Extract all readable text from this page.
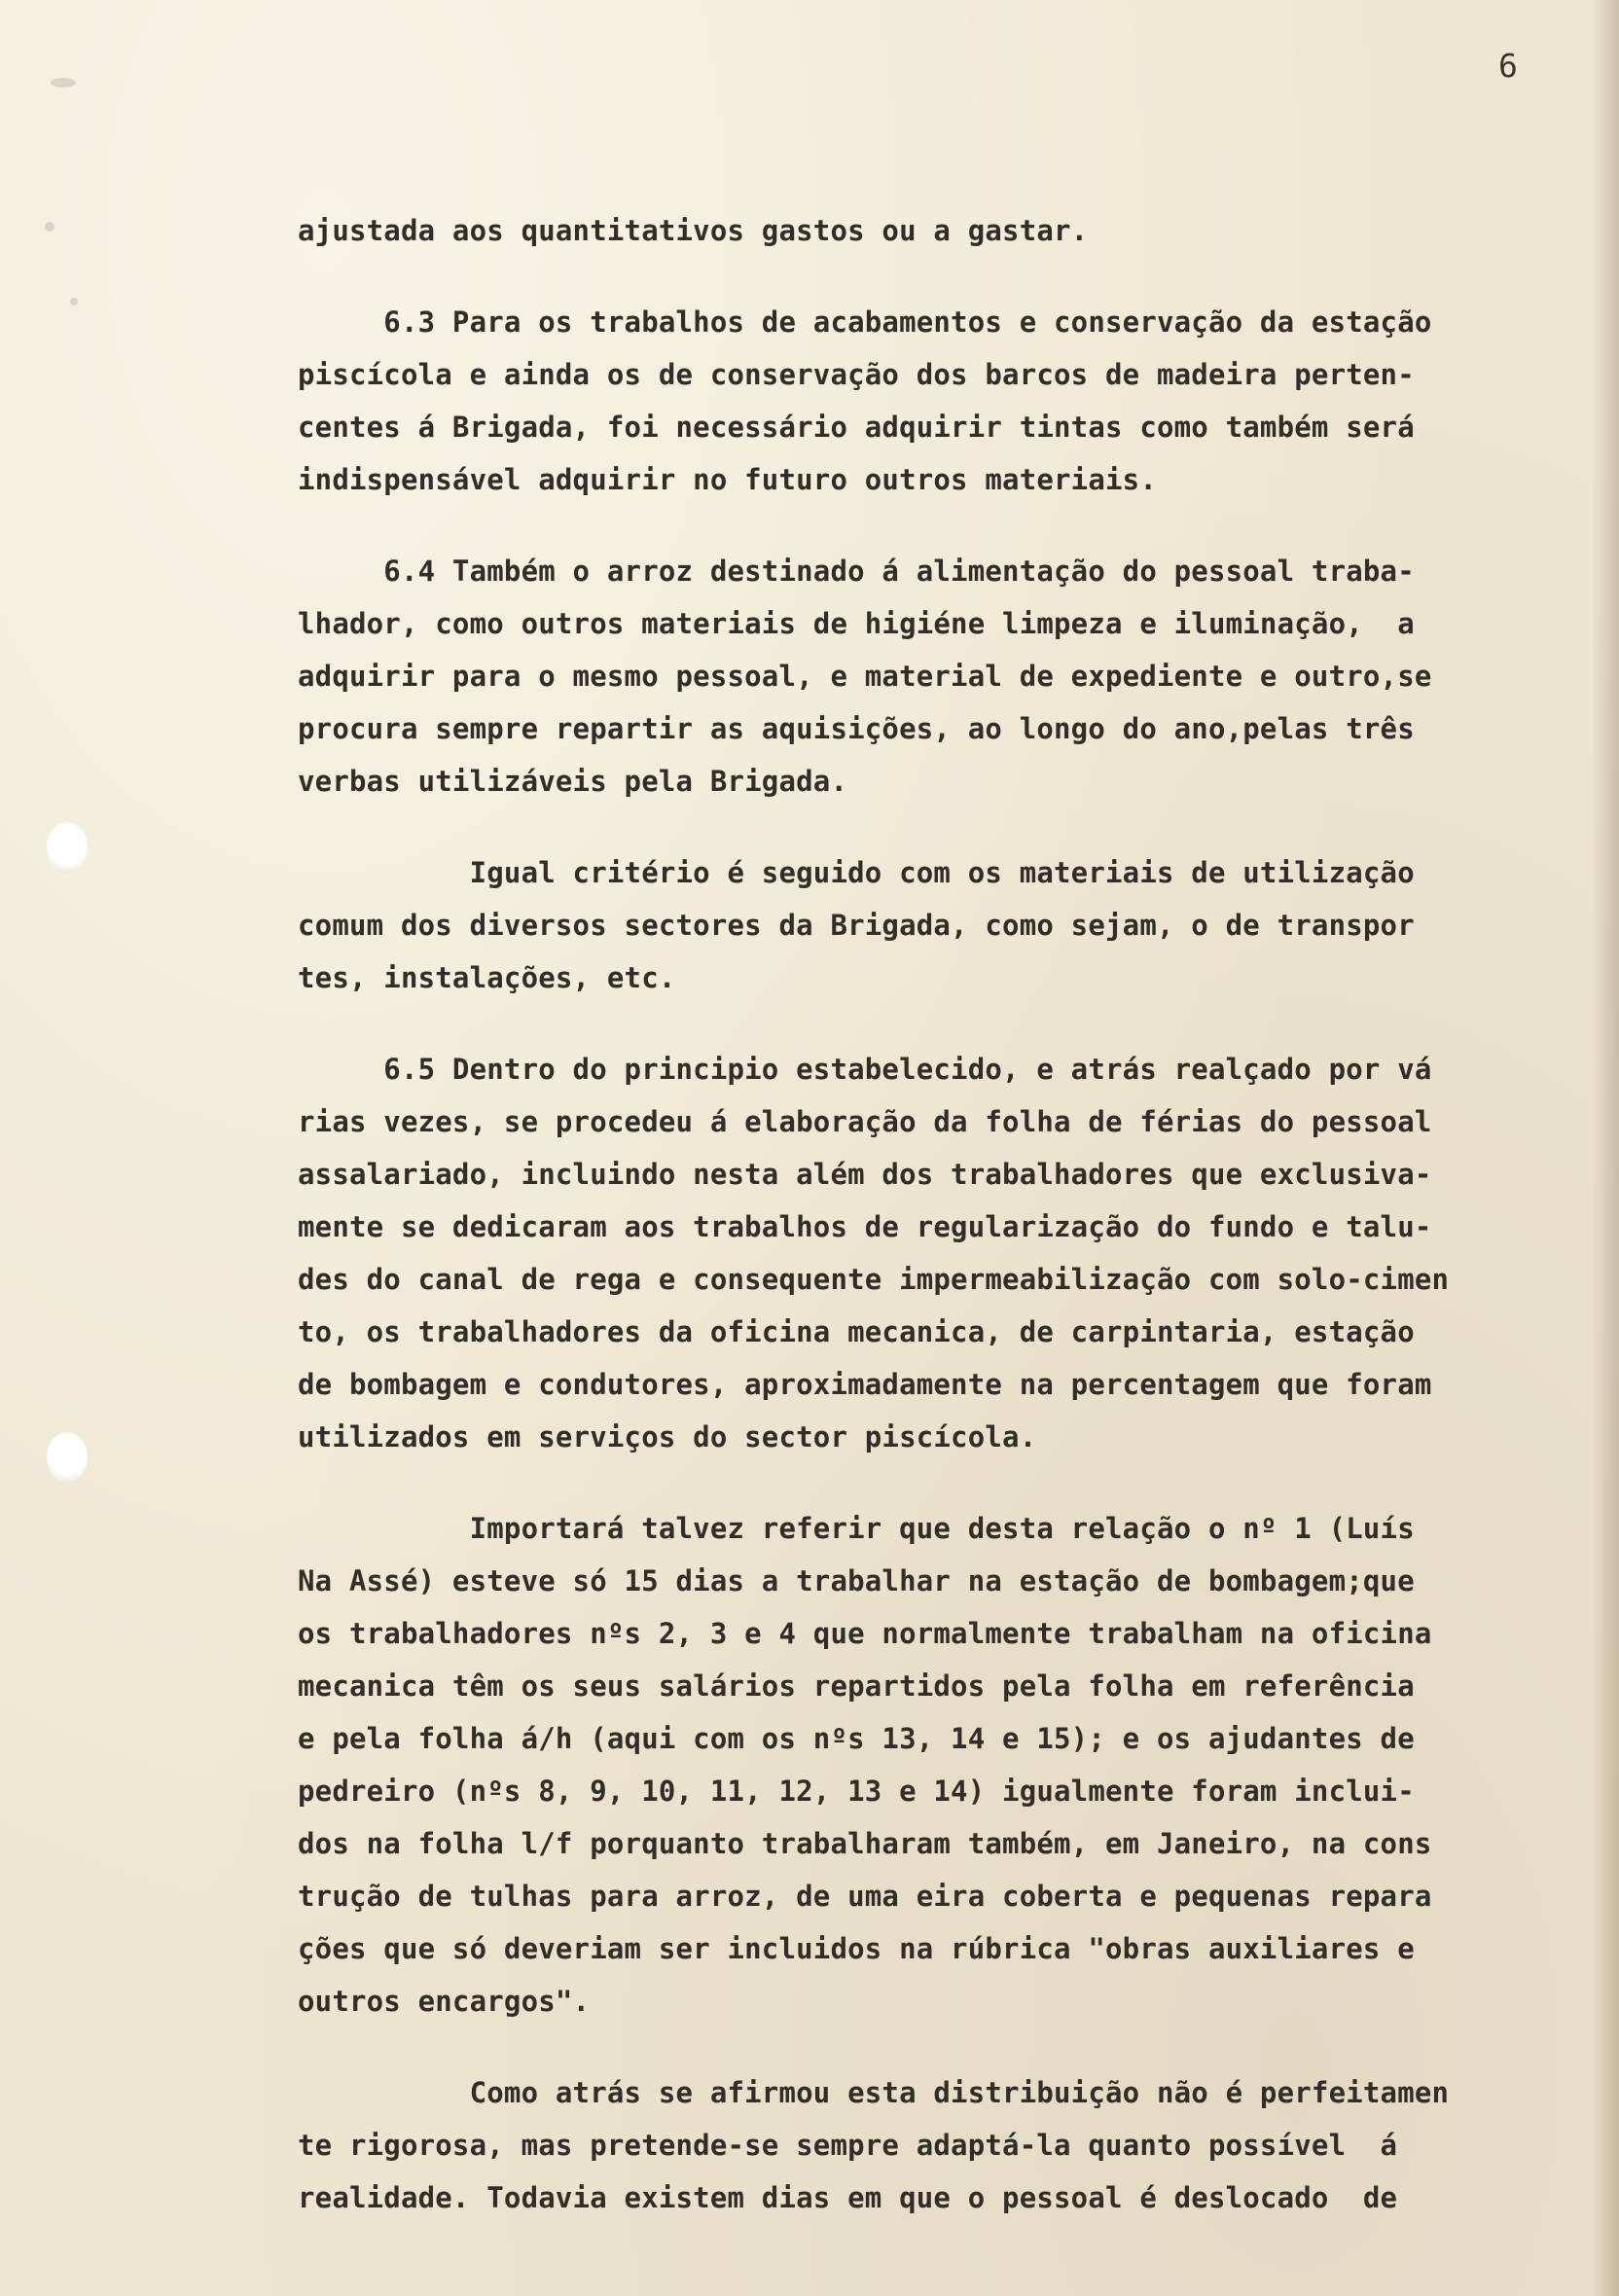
6
ajustada aos quantitativos gastos ou a gastar.
6.3 Para os trabalhos de acabamentos e conservação da estação
piscícola e ainda os de conservação dos barcos de madeira perten-
centes á Brigada, foi necessário adquirir tintas como também será
indispensável adquirir no futuro outros materiais.
6.4 Também o arroz destinado á alimentação do pessoal traba-
lhador, como outros materiais de higiéne limpeza e iluminação,  a
adquirir para o mesmo pessoal, e material de expediente e outro,se
procura sempre repartir as aquisições, ao longo do ano,pelas três
verbas utilizáveis pela Brigada.
Igual critério é seguido com os materiais de utilização
comum dos diversos sectores da Brigada, como sejam, o de transpor
tes, instalações, etc.
6.5 Dentro do principio estabelecido, e atrás realçado por vá
rias vezes, se procedeu á elaboração da folha de férias do pessoal
assalariado, incluindo nesta além dos trabalhadores que exclusiva-
mente se dedicaram aos trabalhos de regularização do fundo e talu-
des do canal de rega e consequente impermeabilização com solo-cimen
to, os trabalhadores da oficina mecanica, de carpintaria, estação
de bombagem e condutores, aproximadamente na percentagem que foram
utilizados em serviços do sector piscícola.
Importará talvez referir que desta relação o nº 1 (Luís
Na Assé) esteve só 15 dias a trabalhar na estação de bombagem;que
os trabalhadores nºs 2, 3 e 4 que normalmente trabalham na oficina
mecanica têm os seus salários repartidos pela folha em referência
e pela folha á/h (aqui com os nºs 13, 14 e 15); e os ajudantes de
pedreiro (nºs 8, 9, 10, 11, 12, 13 e 14) igualmente foram inclui-
dos na folha l/f porquanto trabalharam também, em Janeiro, na cons
trução de tulhas para arroz, de uma eira coberta e pequenas repara
ções que só deveriam ser incluidos na rúbrica "obras auxiliares e
outros encargos".
Como atrás se afirmou esta distribuição não é perfeitamen
te rigorosa, mas pretende-se sempre adaptá-la quanto possível  á
realidade. Todavia existem dias em que o pessoal é deslocado  de
